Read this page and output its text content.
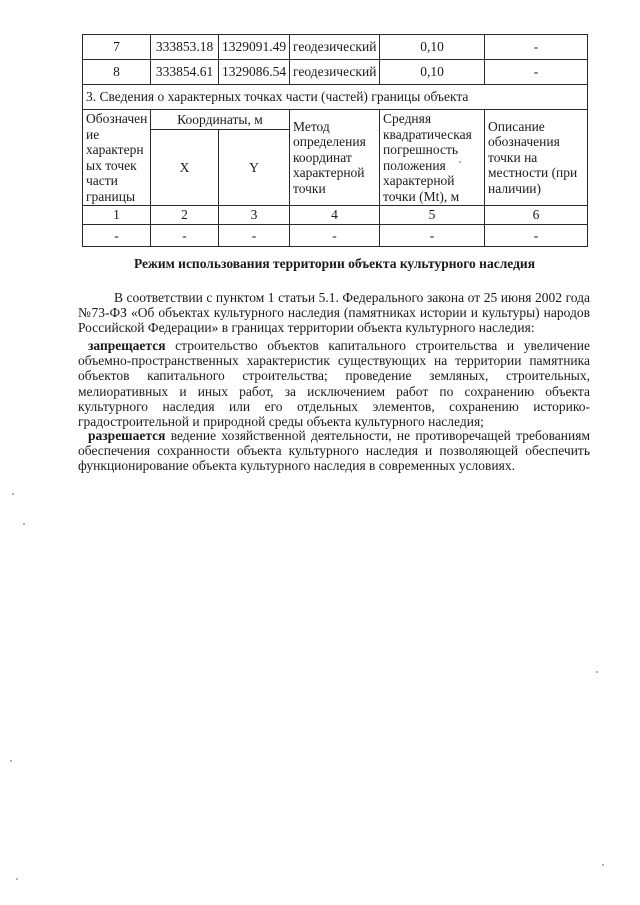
7	333853.18	1329091.49	геодезический	0,10	-
8	333854.61	1329086.54	геодезический	0,10	-
3. Сведения о характерных точках части (частей) границы объекта					
Обозначен ие характерн ых точек части границы	Координаты, м		Метод определения координат характерной точки	Средняя квадратическая погрешность положения характерной точки (Mt), м	Описание обозначения точки на местности (при наличии)
	X	Y			
1	2	3	4	5	6
-	-	-	-	-	-
Режим использования территории объекта культурного наследия

В соответствии с пунктом 1 статьи 5.1. Федерального закона от 25 июня 2002 года №73-ФЗ «Об объектах культурного наследия (памятниках истории и культуры) народов Российской Федерации» в границах территории объекта культурного наследия:

запрещается строительство объектов капитального строительства и увеличение объемно-пространственных характеристик существующих на территории памятника объектов капитального строительства; проведение земляных, строительных, мелиоративных и иных работ, за исключением работ по сохранению объекта культурного наследия или его отдельных элементов, сохранению историко-градостроительной и природной среды объекта культурного наследия;

разрешается ведение хозяйственной деятельности, не противоречащей требованиям обеспечения сохранности объекта культурного наследия и позволяющей обеспечить функционирование объекта культурного наследия в современных условиях.
